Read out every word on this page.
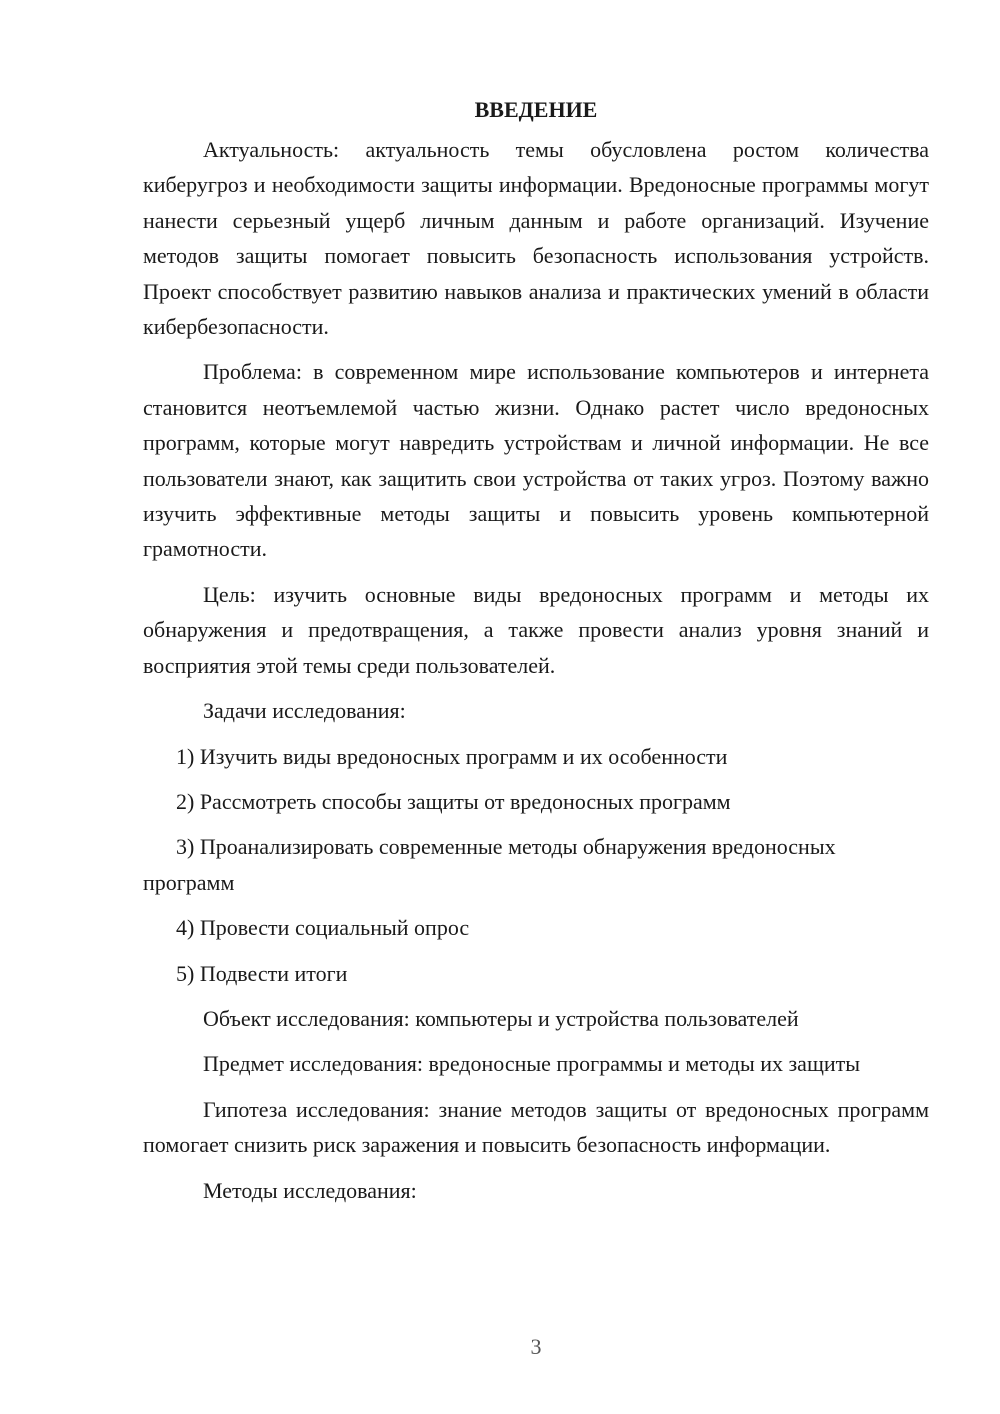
ВВЕДЕНИЕ

Актуальность: актуальность темы обусловлена ростом количества киберугроз и необходимости защиты информации. Вредоносные программы могут нанести серьезный ущерб личным данным и работе организаций. Изучение методов защиты помогает повысить безопасность использования устройств. Проект способствует развитию навыков анализа и практических умений в области кибербезопасности.

Проблема: в современном мире использование компьютеров и интернета становится неотъемлемой частью жизни. Однако растет число вредоносных программ, которые могут навредить устройствам и личной информации. Не все пользователи знают, как защитить свои устройства от таких угроз. Поэтому важно изучить эффективные методы защиты и повысить уровень компьютерной грамотности.

Цель: изучить основные виды вредоносных программ и методы их обнаружения и предотвращения, а также провести анализ уровня знаний и восприятия этой темы среди пользователей.

Задачи исследования:

1) Изучить виды вредоносных программ и их особенности

2) Рассмотреть способы защиты от вредоносных программ

3) Проанализировать современные методы обнаружения вредоносных программ

4) Провести социальный опрос

5) Подвести итоги

Объект исследования: компьютеры и устройства пользователей

Предмет исследования: вредоносные программы и методы их защиты

Гипотеза исследования: знание методов защиты от вредоносных программ помогает снизить риск заражения и повысить безопасность информации.

Методы исследования:

3
